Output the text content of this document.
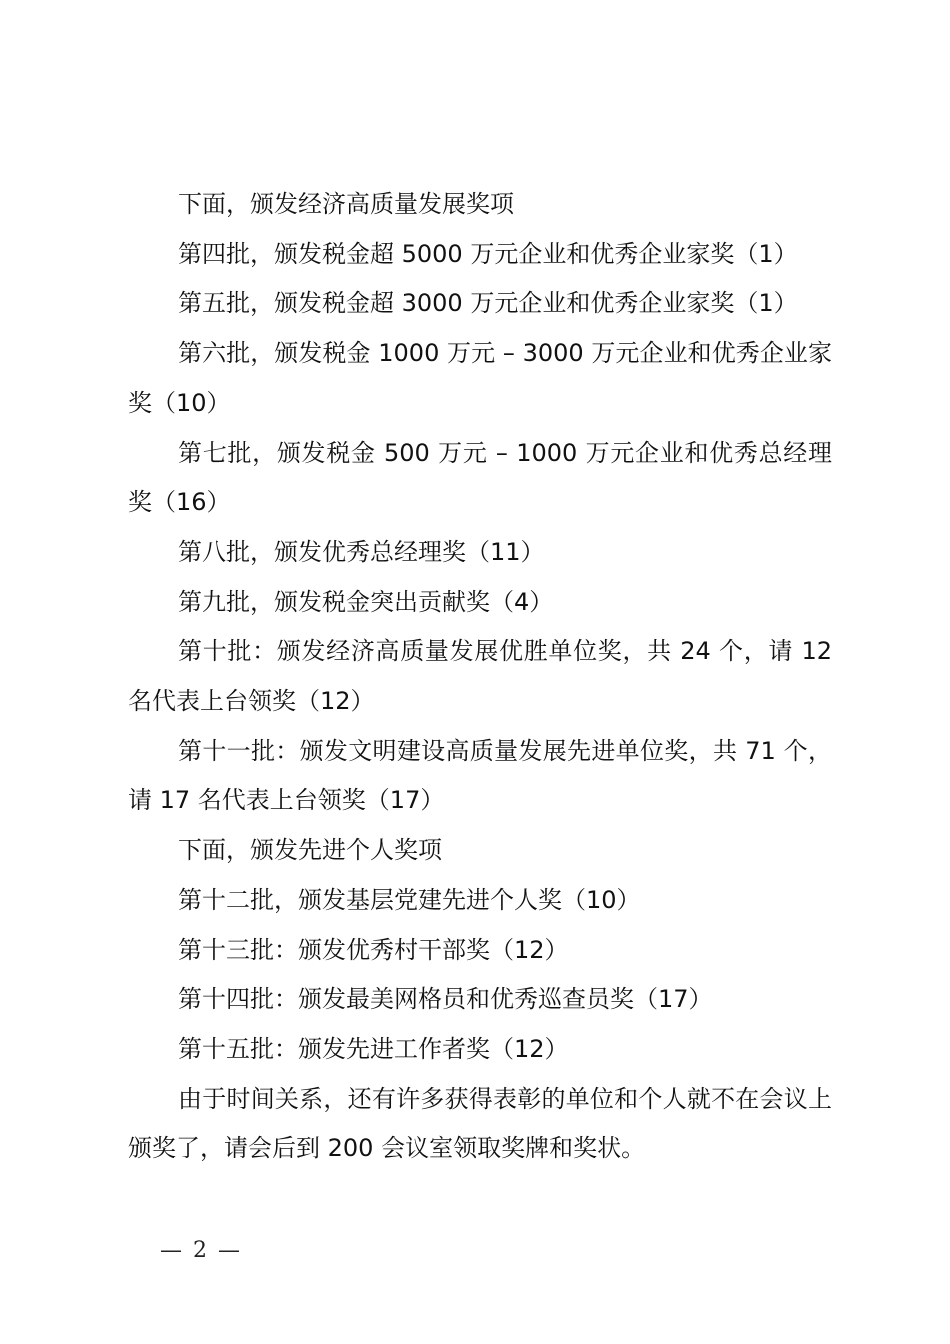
下面，颁发经济高质量发展奖项

第四批，颁发税金超 5000 万元企业和优秀企业家奖（1）

第五批，颁发税金超 3000 万元企业和优秀企业家奖（1）

第六批，颁发税金 1000 万元 – 3000 万元企业和优秀企业家奖（10）

第七批，颁发税金 500 万元 – 1000 万元企业和优秀总经理奖（16）

第八批，颁发优秀总经理奖（11）

第九批，颁发税金突出贡献奖（4）

第十批：颁发经济高质量发展优胜单位奖，共 24 个，请 12 名代表上台领奖（12）

第十一批：颁发文明建设高质量发展先进单位奖，共 71 个，请 17 名代表上台领奖（17）

下面，颁发先进个人奖项

第十二批，颁发基层党建先进个人奖（10）

第十三批：颁发优秀村干部奖（12）

第十四批：颁发最美网格员和优秀巡查员奖（17）

第十五批：颁发先进工作者奖（12）

由于时间关系，还有许多获得表彰的单位和个人就不在会议上颁奖了，请会后到 200 会议室领取奖牌和奖状。

— 2 —
